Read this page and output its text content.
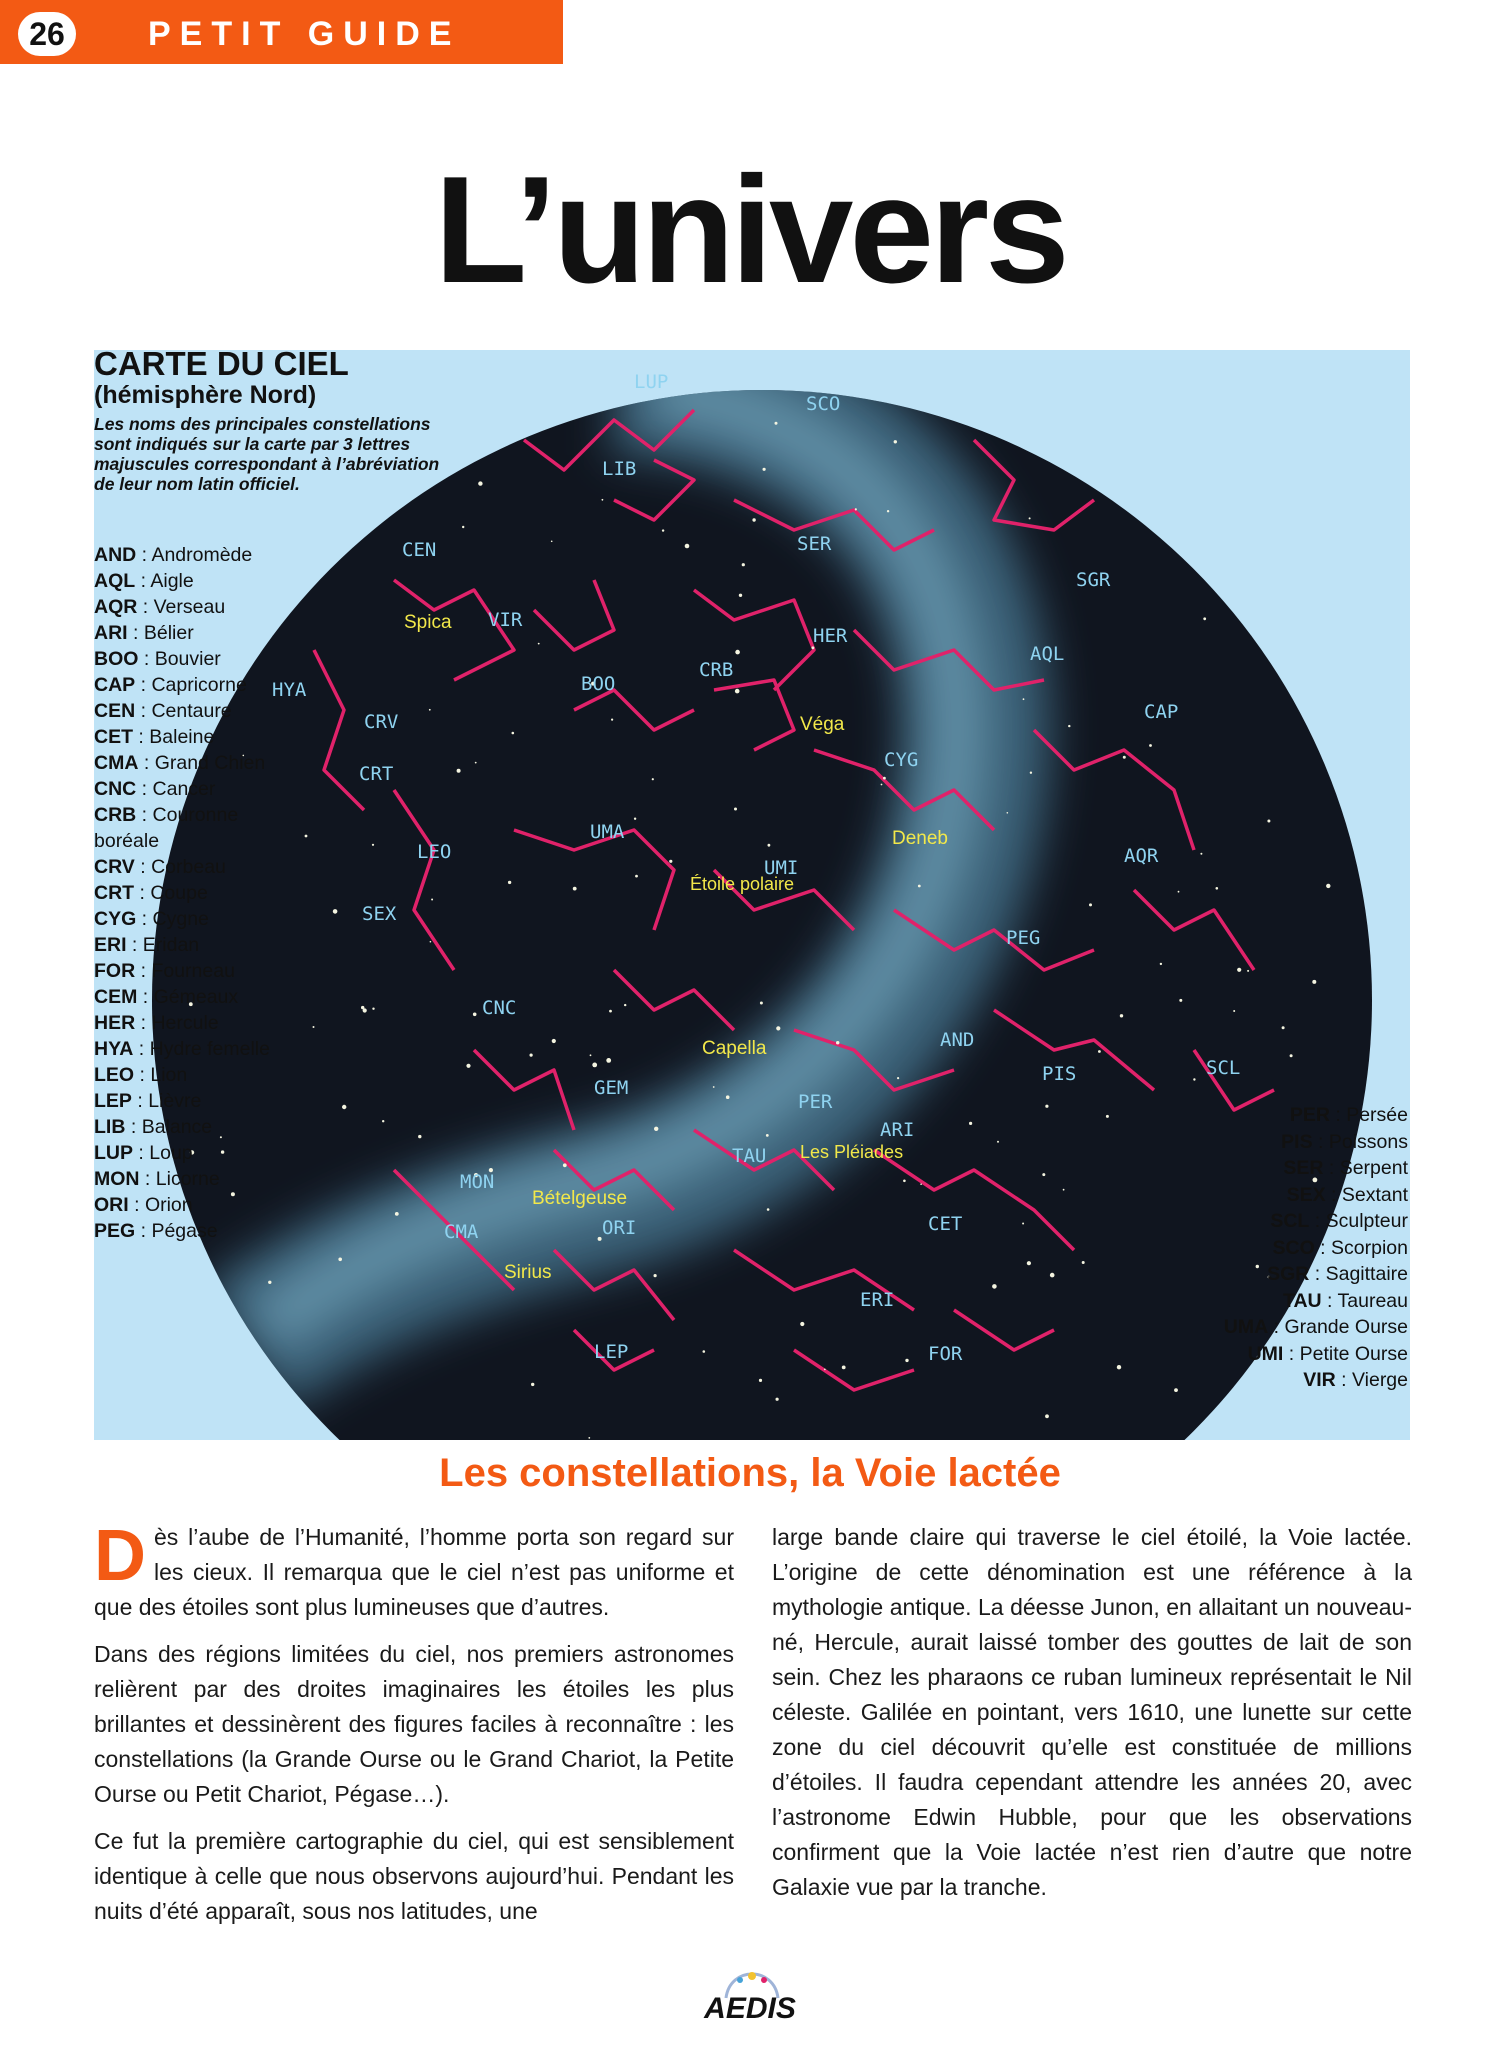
26	PETIT GUIDE
L’univers
LUP
SCO
LIB
SER
CEN
SGR
Spica VIR
HER
AQL
CRB
BOO
HYA
CAP
CRV	Véga
CYG
CRT
Deneb
UMA
LEO	AQR
UMI
Étoile polaire
SEX
PEG
CNC
AND
Capella
SCL
PIS
GEM
PER
ARI
TAU Les Pléiades
MON
Bételgeuse
CET
CMA	ORI
Sirius
ERI
LEP	FOR
CARTE DU CIEL
(hémisphère Nord)
Les noms des principales constellations sont indiqués sur la carte par 3 lettres majuscules correspondant à l’abréviation de leur nom latin officiel.
AND : Andromède
AQL : Aigle
AQR : Verseau
ARI : Bélier
BOO : Bouvier
CAP : Capricorne
CEN : Centaure
CET : Baleine
CMA : Grand Chien
CNC : Cancer
CRB : Couronne boréale
CRV : Corbeau
CRT : Coupe
CYG : Cygne
ERI : Eridan
FOR : Fourneau
CEM : Gémeaux
HER : Hercule
HYA : Hydre femelle
LEO : Lion
LEP : Lièvre
LIB : Balance
LUP : Loup
MON : Licorne
ORI : Orion
PEG : Pégase
PER : Persée
PIS : Poissons
SER : Serpent
SEX : Sextant
SCL : Sculpteur
SCO : Scorpion
SGR : Sagittaire
TAU : Taureau
UMA : Grande Ourse
UMI : Petite Ourse
VIR : Vierge
Les constellations, la Voie lactée

Dès l’aube de l’Humanité, l’homme porta son regard sur les cieux. Il remarqua que le ciel n’est pas uniforme et que des étoiles sont plus lumineuses que d’autres.

Dans des régions limitées du ciel, nos premiers astronomes relièrent par des droites imaginaires les étoiles les plus brillantes et dessinèrent des figures faciles à reconnaître : les constellations (la Grande Ourse ou le Grand Chariot, la Petite Ourse ou Petit Chariot, Pégase…).

Ce fut la première cartographie du ciel, qui est sensiblement identique à celle que nous observons aujourd’hui. Pendant les nuits d’été apparaît, sous nos latitudes, une

large bande claire qui traverse le ciel étoilé, la Voie lactée. L’origine de cette dénomination est une référence à la mythologie antique. La déesse Junon, en allaitant un nouveau-né, Hercule, aurait laissé tomber des gouttes de lait de son sein. Chez les pharaons ce ruban lumineux représentait le Nil céleste. Galilée en pointant, vers 1610, une lunette sur cette zone du ciel découvrit qu’elle est constituée de millions d’étoiles. Il faudra cependant attendre les années 20, avec l’astronome Edwin Hubble, pour que les observations confirment que la Voie lactée n’est rien d’autre que notre Galaxie vue par la tranche.

AEDIS
